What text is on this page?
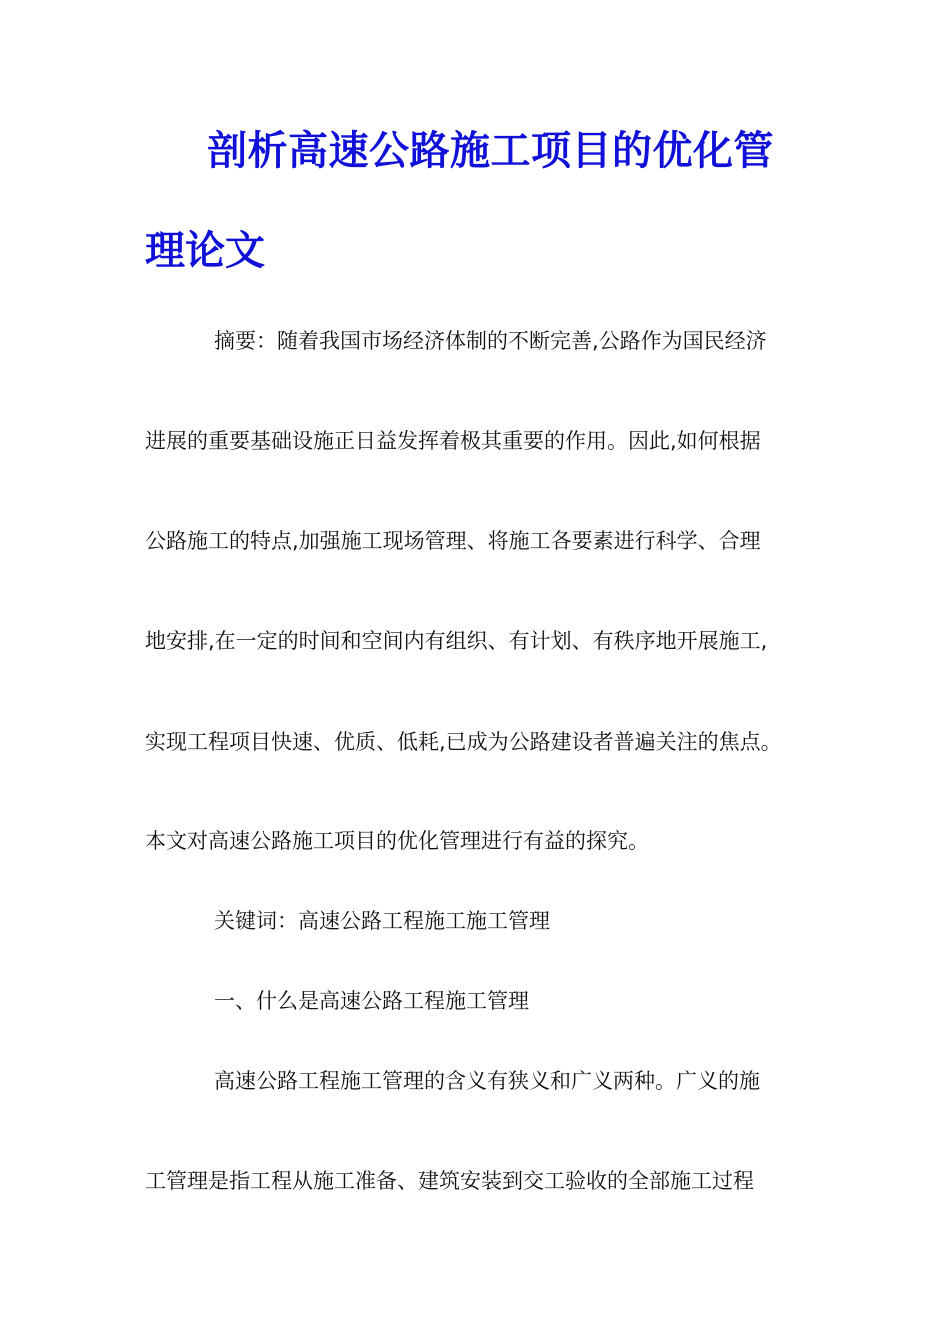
剖析高速公路施工项目的优化管
理论文
摘要：随着我国市场经济体制的不断完善,公路作为国民经济
进展的重要基础设施正日益发挥着极其重要的作用。因此,如何根据
公路施工的特点,加强施工现场管理、将施工各要素进行科学、合理
地安排,在一定的时间和空间内有组织、有计划、有秩序地开展施工,
实现工程项目快速、优质、低耗,已成为公路建设者普遍关注的焦点。
本文对高速公路施工项目的优化管理进行有益的探究。
关键词：高速公路工程施工施工管理
一、什么是高速公路工程施工管理
高速公路工程施工管理的含义有狭义和广义两种。广义的施
工管理是指工程从施工准备、建筑安装到交工验收的全部施工过程
